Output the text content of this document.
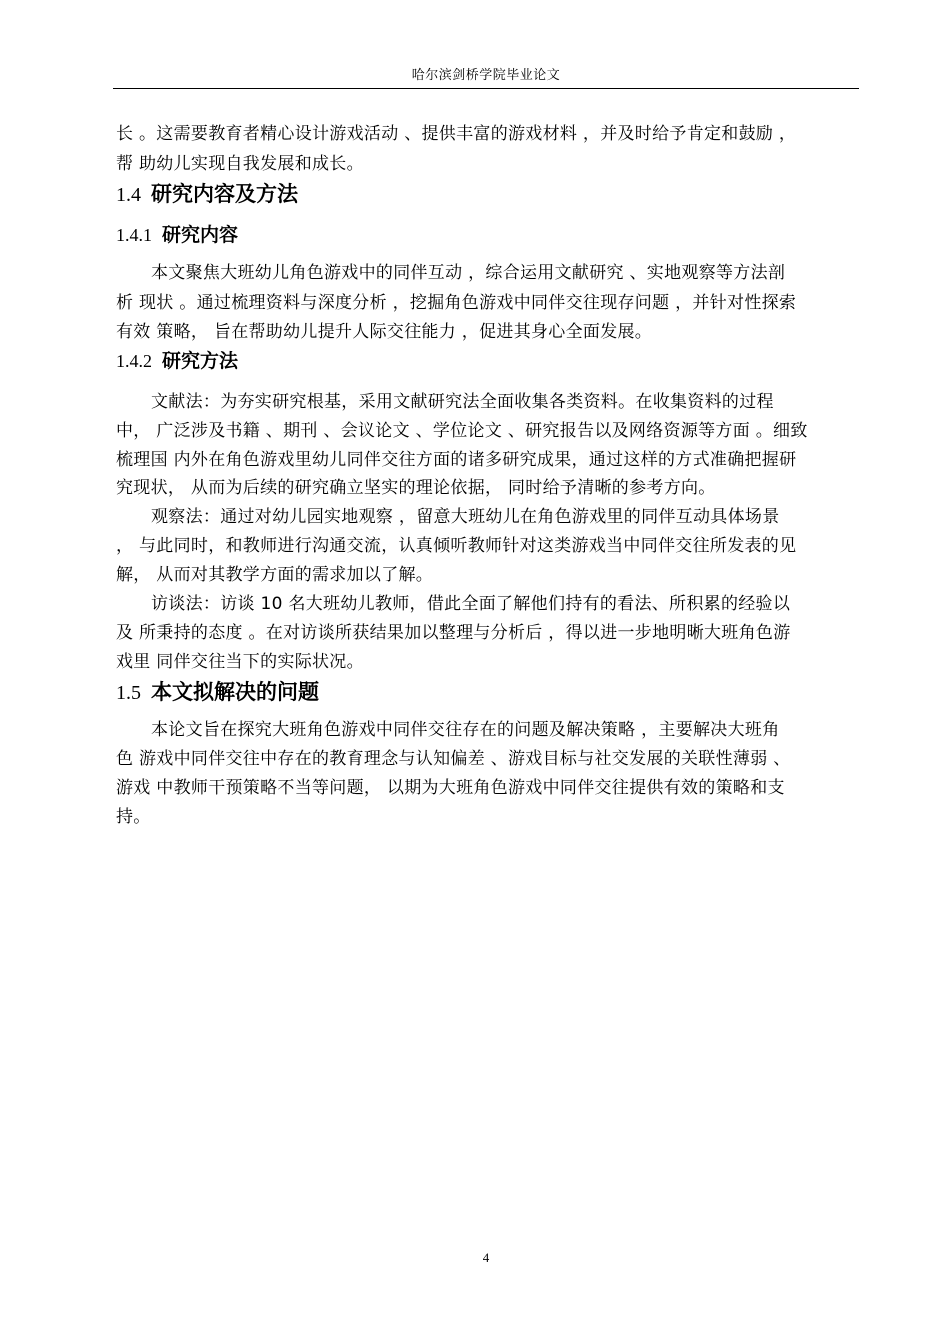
哈尔滨剑桥学院毕业论文
长 。这需要教育者精心设计游戏活动 、提供丰富的游戏材料 ，并及时给予肯定和鼓励 ，
帮 助幼儿实现自我发展和成长。
1.4 研究内容及方法
1.4.1 研究内容
本文聚焦大班幼儿角色游戏中的同伴互动 ，综合运用文献研究 、实地观察等方法剖
析 现状 。通过梳理资料与深度分析 ，挖掘角色游戏中同伴交往现存问题 ，并针对性探索
有效 策略， 旨在帮助幼儿提升人际交往能力 ，促进其身心全面发展。
1.4.2 研究方法
文献法：为夯实研究根基，采用文献研究法全面收集各类资料。在收集资料的过程
中， 广泛涉及书籍 、期刊 、会议论文 、学位论文 、研究报告以及网络资源等方面 。细致
梳理国 内外在角色游戏里幼儿同伴交往方面的诸多研究成果，通过这样的方式准确把握研
究现状， 从而为后续的研究确立坚实的理论依据， 同时给予清晰的参考方向。
观察法：通过对幼儿园实地观察 ，留意大班幼儿在角色游戏里的同伴互动具体场景
， 与此同时，和教师进行沟通交流，认真倾听教师针对这类游戏当中同伴交往所发表的见
解， 从而对其教学方面的需求加以了解。
访谈法：访谈 10 名大班幼儿教师，借此全面了解他们持有的看法、所积累的经验以
及 所秉持的态度 。在对访谈所获结果加以整理与分析后 ，得以进一步地明晰大班角色游
戏里 同伴交往当下的实际状况。
1.5 本文拟解决的问题
本论文旨在探究大班角色游戏中同伴交往存在的问题及解决策略 ，主要解决大班角
色 游戏中同伴交往中存在的教育理念与认知偏差 、游戏目标与社交发展的关联性薄弱 、
游戏 中教师干预策略不当等问题， 以期为大班角色游戏中同伴交往提供有效的策略和支
持。
4
